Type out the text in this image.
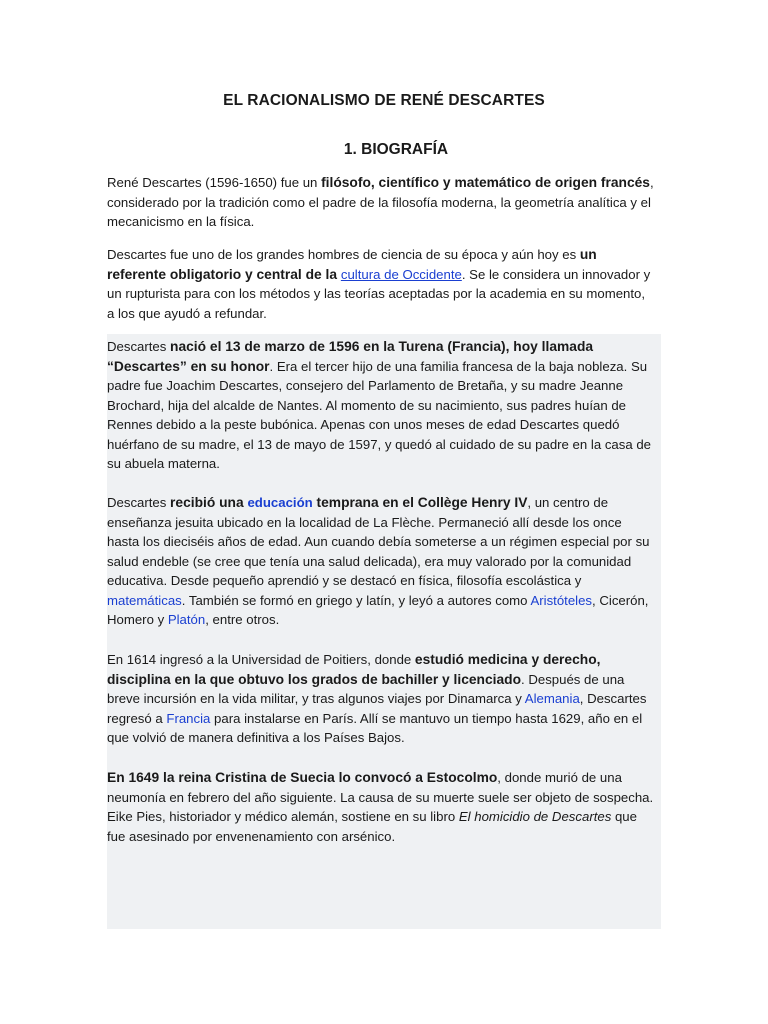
EL RACIONALISMO DE RENÉ DESCARTES
1. BIOGRAFÍA

René Descartes (1596-1650) fue un filósofo, científico y matemático de origen francés, considerado por la tradición como el padre de la filosofía moderna, la geometría analítica y el mecanicismo en la física.

Descartes fue uno de los grandes hombres de ciencia de su época y aún hoy es un referente obligatorio y central de la cultura de Occidente. Se le considera un innovador y un rupturista para con los métodos y las teorías aceptadas por la academia en su momento, a los que ayudó a refundar.

Descartes nació el 13 de marzo de 1596 en la Turena (Francia), hoy llamada “Descartes” en su honor. Era el tercer hijo de una familia francesa de la baja nobleza. Su padre fue Joachim Descartes, consejero del Parlamento de Bretaña, y su madre Jeanne Brochard, hija del alcalde de Nantes. Al momento de su nacimiento, sus padres huían de Rennes debido a la peste bubónica. Apenas con unos meses de edad Descartes quedó huérfano de su madre, el 13 de mayo de 1597, y quedó al cuidado de su padre en la casa de su abuela materna.

Descartes recibió una educación temprana en el Collège Henry IV, un centro de enseñanza jesuita ubicado en la localidad de La Flèche. Permaneció allí desde los once hasta los dieciséis años de edad. Aun cuando debía someterse a un régimen especial por su salud endeble (se cree que tenía una salud delicada), era muy valorado por la comunidad educativa. Desde pequeño aprendió y se destacó en física, filosofía escolástica y matemáticas. También se formó en griego y latín, y leyó a autores como Aristóteles, Cicerón, Homero y Platón, entre otros.

En 1614 ingresó a la Universidad de Poitiers, donde estudió medicina y derecho, disciplina en la que obtuvo los grados de bachiller y licenciado. Después de una breve incursión en la vida militar, y tras algunos viajes por Dinamarca y Alemania, Descartes regresó a Francia para instalarse en París. Allí se mantuvo un tiempo hasta 1629, año en el que volvió de manera definitiva a los Países Bajos.

En 1649 la reina Cristina de Suecia lo convocó a Estocolmo, donde murió de una neumonía en febrero del año siguiente. La causa de su muerte suele ser objeto de sospecha. Eike Pies, historiador y médico alemán, sostiene en su libro El homicidio de Descartes que fue asesinado por envenenamiento con arsénico.
